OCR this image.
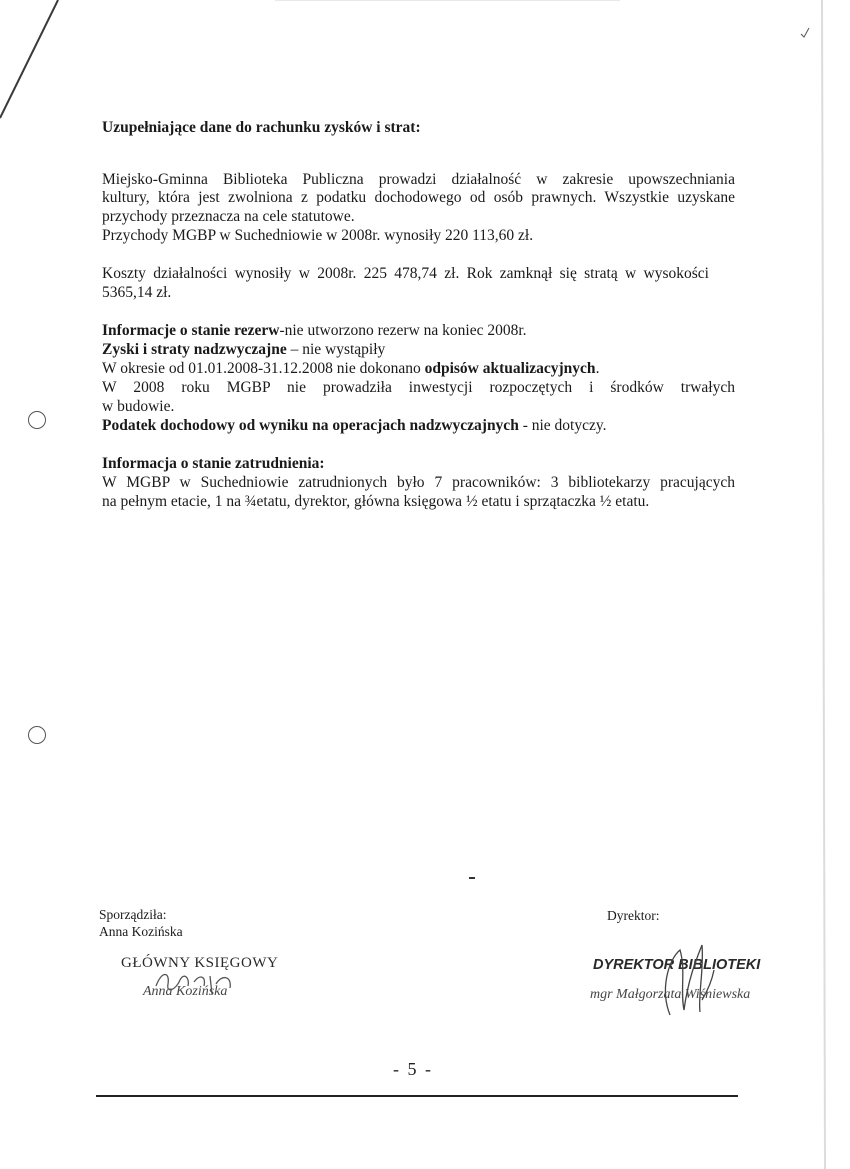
Uzupełniające dane do rachunku zysków i strat:
Miejsko-Gminna Biblioteka Publiczna prowadzi działalność w zakresie upowszechniania
kultury, która jest zwolniona z podatku dochodowego od osób prawnych. Wszystkie uzyskane
przychody przeznacza na cele statutowe.
Przychody MGBP w Suchedniowie w 2008r. wynosiły 220 113,60 zł.
Koszty działalności wynosiły w 2008r. 225 478,74 zł. Rok zamknął się stratą w wysokości
5365,14 zł.
Informacje o stanie rezerw-nie utworzono rezerw na koniec 2008r.
Zyski i straty nadzwyczajne – nie wystąpiły
W okresie od 01.01.2008-31.12.2008 nie dokonano odpisów aktualizacyjnych.
W 2008 roku MGBP nie prowadziła inwestycji rozpoczętych i środków trwałych
w budowie.
Podatek dochodowy od wyniku na operacjach nadzwyczajnych - nie dotyczy.
Informacja o stanie zatrudnienia:
W MGBP w Suchedniowie zatrudnionych było 7 pracowników: 3 bibliotekarzy pracujących
na pełnym etacie, 1 na ¾etatu, dyrektor, główna księgowa ½ etatu i sprzątaczka ½ etatu.
Sporządziła:
Anna Kozińska
Dyrektor:
GŁÓWNY KSIĘGOWY
Anna Kozińska
DYREKTOR BIBLIOTEKI
mgr Małgorzata Wiśniewska
- 5 -
